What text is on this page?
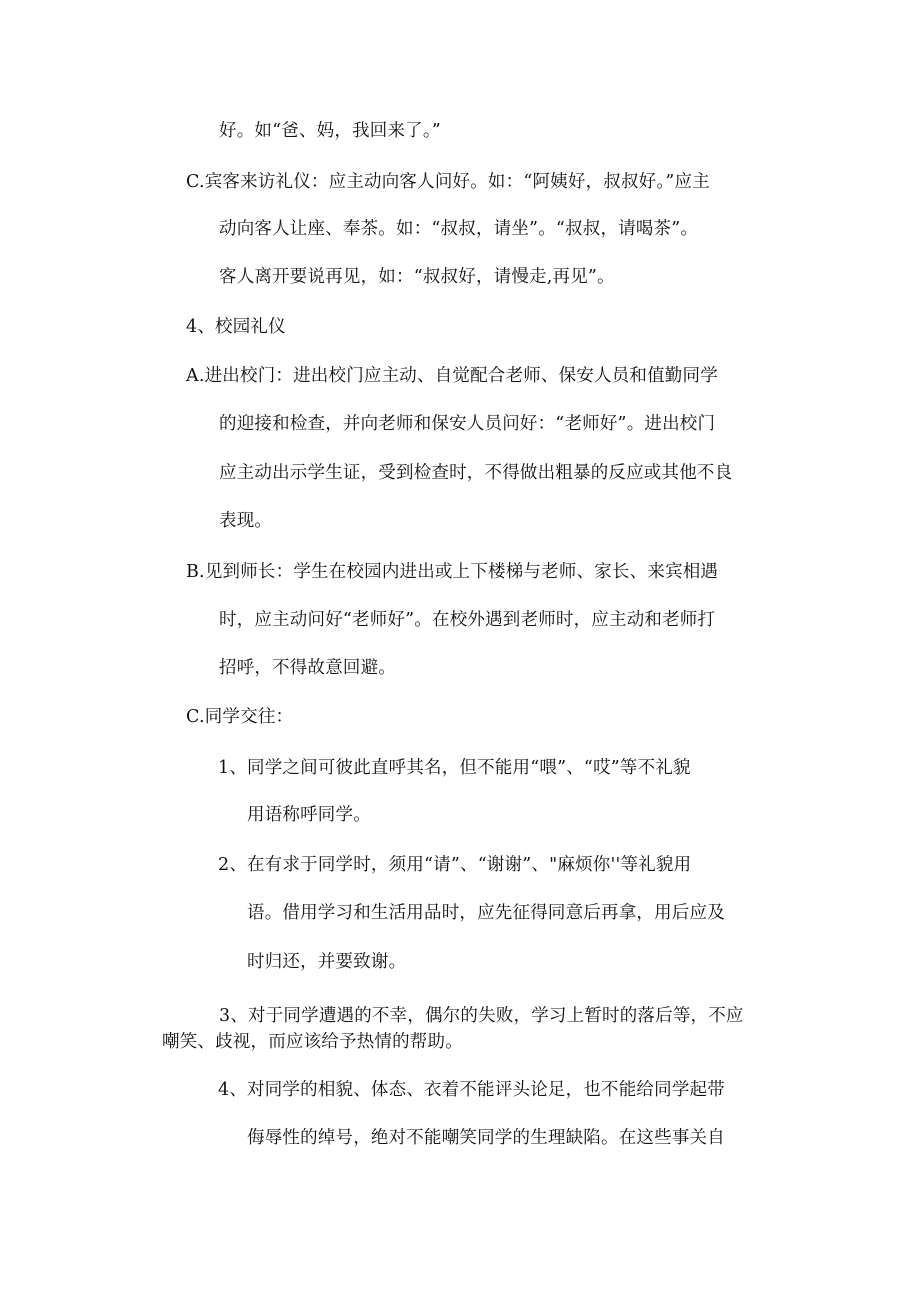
好。如“爸、妈，我回来了。”
C.宾客来访礼仪：应主动向客人问好。如：“阿姨好，叔叔好。”应主
动向客人让座、奉茶。如：“叔叔，请坐”。“叔叔，请喝茶”。
客人离开要说再见，如：“叔叔好，请慢走,再见”。
4、校园礼仪
A.进出校门：进出校门应主动、自觉配合老师、保安人员和值勤同学
的迎接和检查，并向老师和保安人员问好：“老师好”。进出校门
应主动出示学生证，受到检查时，不得做出粗暴的反应或其他不良
表现。
B.见到师长：学生在校园内进出或上下楼梯与老师、家长、来宾相遇
时，应主动问好“老师好”。在校外遇到老师时，应主动和老师打
招呼，不得故意回避。
C.同学交往：
1、同学之间可彼此直呼其名，但不能用“喂”、“哎”等不礼貌
用语称呼同学。
2、在有求于同学时，须用“请”、“谢谢”、"麻烦你''等礼貌用
语。借用学习和生活用品时，应先征得同意后再拿，用后应及
时归还，并要致谢。
3、对于同学遭遇的不幸，偶尔的失败，学习上暂时的落后等，不应
嘲笑、歧视，而应该给予热情的帮助。
4、对同学的相貌、体态、衣着不能评头论足，也不能给同学起带
侮辱性的绰号，绝对不能嘲笑同学的生理缺陷。在这些事关自
